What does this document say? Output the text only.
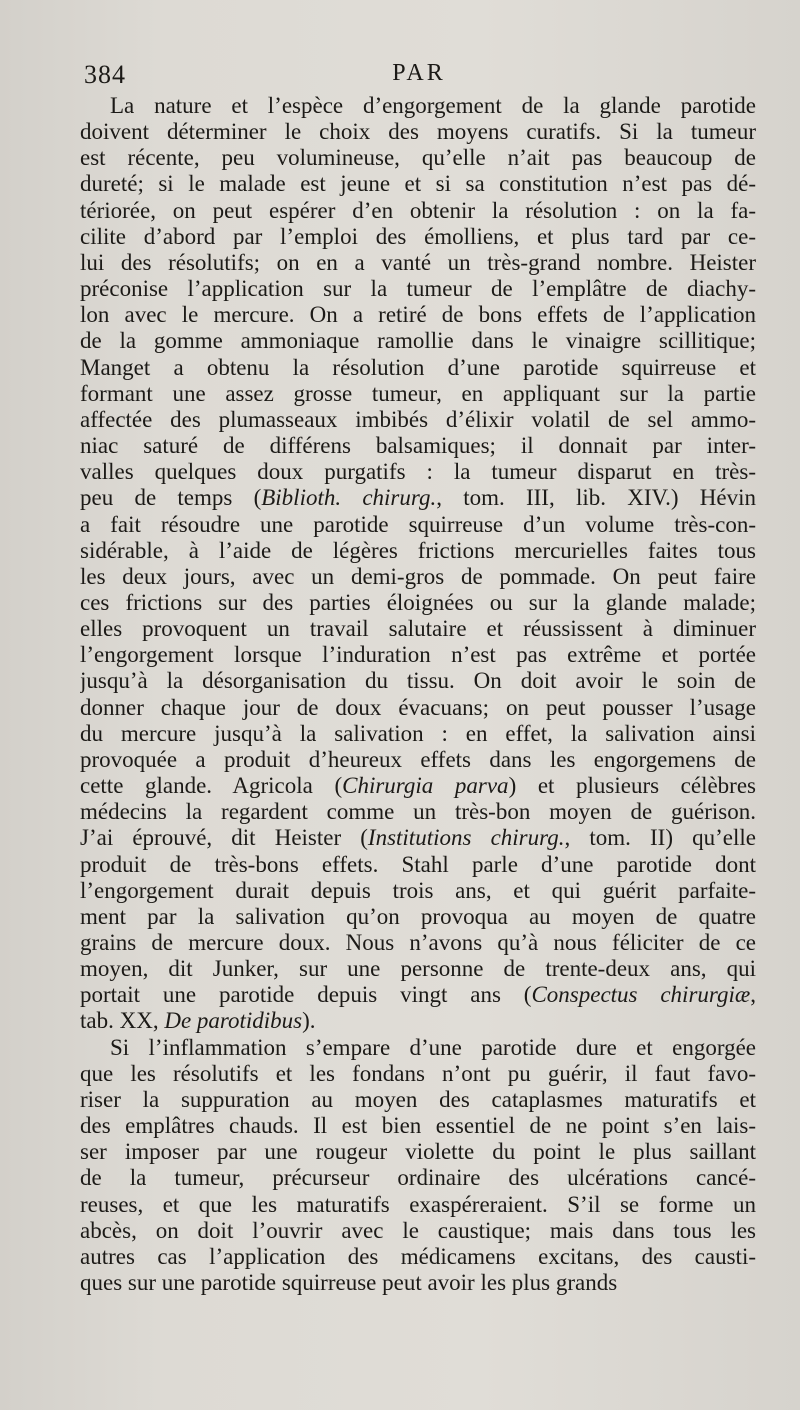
384	PAR
La nature et l’espèce d’engorgement de la glande parotide
doivent déterminer le choix des moyens curatifs. Si la tumeur
est récente, peu volumineuse, qu’elle n’ait pas beaucoup de
dureté; si le malade est jeune et si sa constitution n’est pas dé-
tériorée, on peut espérer d’en obtenir la résolution : on la fa-
cilite d’abord par l’emploi des émolliens, et plus tard par ce-
lui des résolutifs; on en a vanté un très-grand nombre. Heister
préconise l’application sur la tumeur de l’emplâtre de diachy-
lon avec le mercure. On a retiré de bons effets de l’application
de la gomme ammoniaque ramollie dans le vinaigre scillitique;
Manget a obtenu la résolution d’une parotide squirreuse et
formant une assez grosse tumeur, en appliquant sur la partie
affectée des plumasseaux imbibés d’élixir volatil de sel ammo-
niac saturé de différens balsamiques; il donnait par inter-
valles quelques doux purgatifs : la tumeur disparut en très-
peu de temps (Biblioth. chirurg., tom. III, lib. XIV.) Hévin
a fait résoudre une parotide squirreuse d’un volume très-con-
sidérable, à l’aide de légères frictions mercurielles faites tous
les deux jours, avec un demi-gros de pommade. On peut faire
ces frictions sur des parties éloignées ou sur la glande malade;
elles provoquent un travail salutaire et réussissent à diminuer
l’engorgement lorsque l’induration n’est pas extrême et portée
jusqu’à la désorganisation du tissu. On doit avoir le soin de
donner chaque jour de doux évacuans; on peut pousser l’usage
du mercure jusqu’à la salivation : en effet, la salivation ainsi
provoquée a produit d’heureux effets dans les engorgemens de
cette glande. Agricola (Chirurgia parva) et plusieurs célèbres
médecins la regardent comme un très-bon moyen de guérison.
J’ai éprouvé, dit Heister (Institutions chirurg., tom. II) qu’elle
produit de très-bons effets. Stahl parle d’une parotide dont
l’engorgement durait depuis trois ans, et qui guérit parfaite-
ment par la salivation qu’on provoqua au moyen de quatre
grains de mercure doux. Nous n’avons qu’à nous féliciter de ce
moyen, dit Junker, sur une personne de trente-deux ans, qui
portait une parotide depuis vingt ans (Conspectus chirurgiæ,
tab. XX, De parotidibus).
Si l’inflammation s’empare d’une parotide dure et engorgée
que les résolutifs et les fondans n’ont pu guérir, il faut favo-
riser la suppuration au moyen des cataplasmes maturatifs et
des emplâtres chauds. Il est bien essentiel de ne point s’en lais-
ser imposer par une rougeur violette du point le plus saillant
de la tumeur, précurseur ordinaire des ulcérations cancé-
reuses, et que les maturatifs exaspéreraient. S’il se forme un
abcès, on doit l’ouvrir avec le caustique; mais dans tous les
autres cas l’application des médicamens excitans, des causti-
ques sur une parotide squirreuse peut avoir les plus grands
